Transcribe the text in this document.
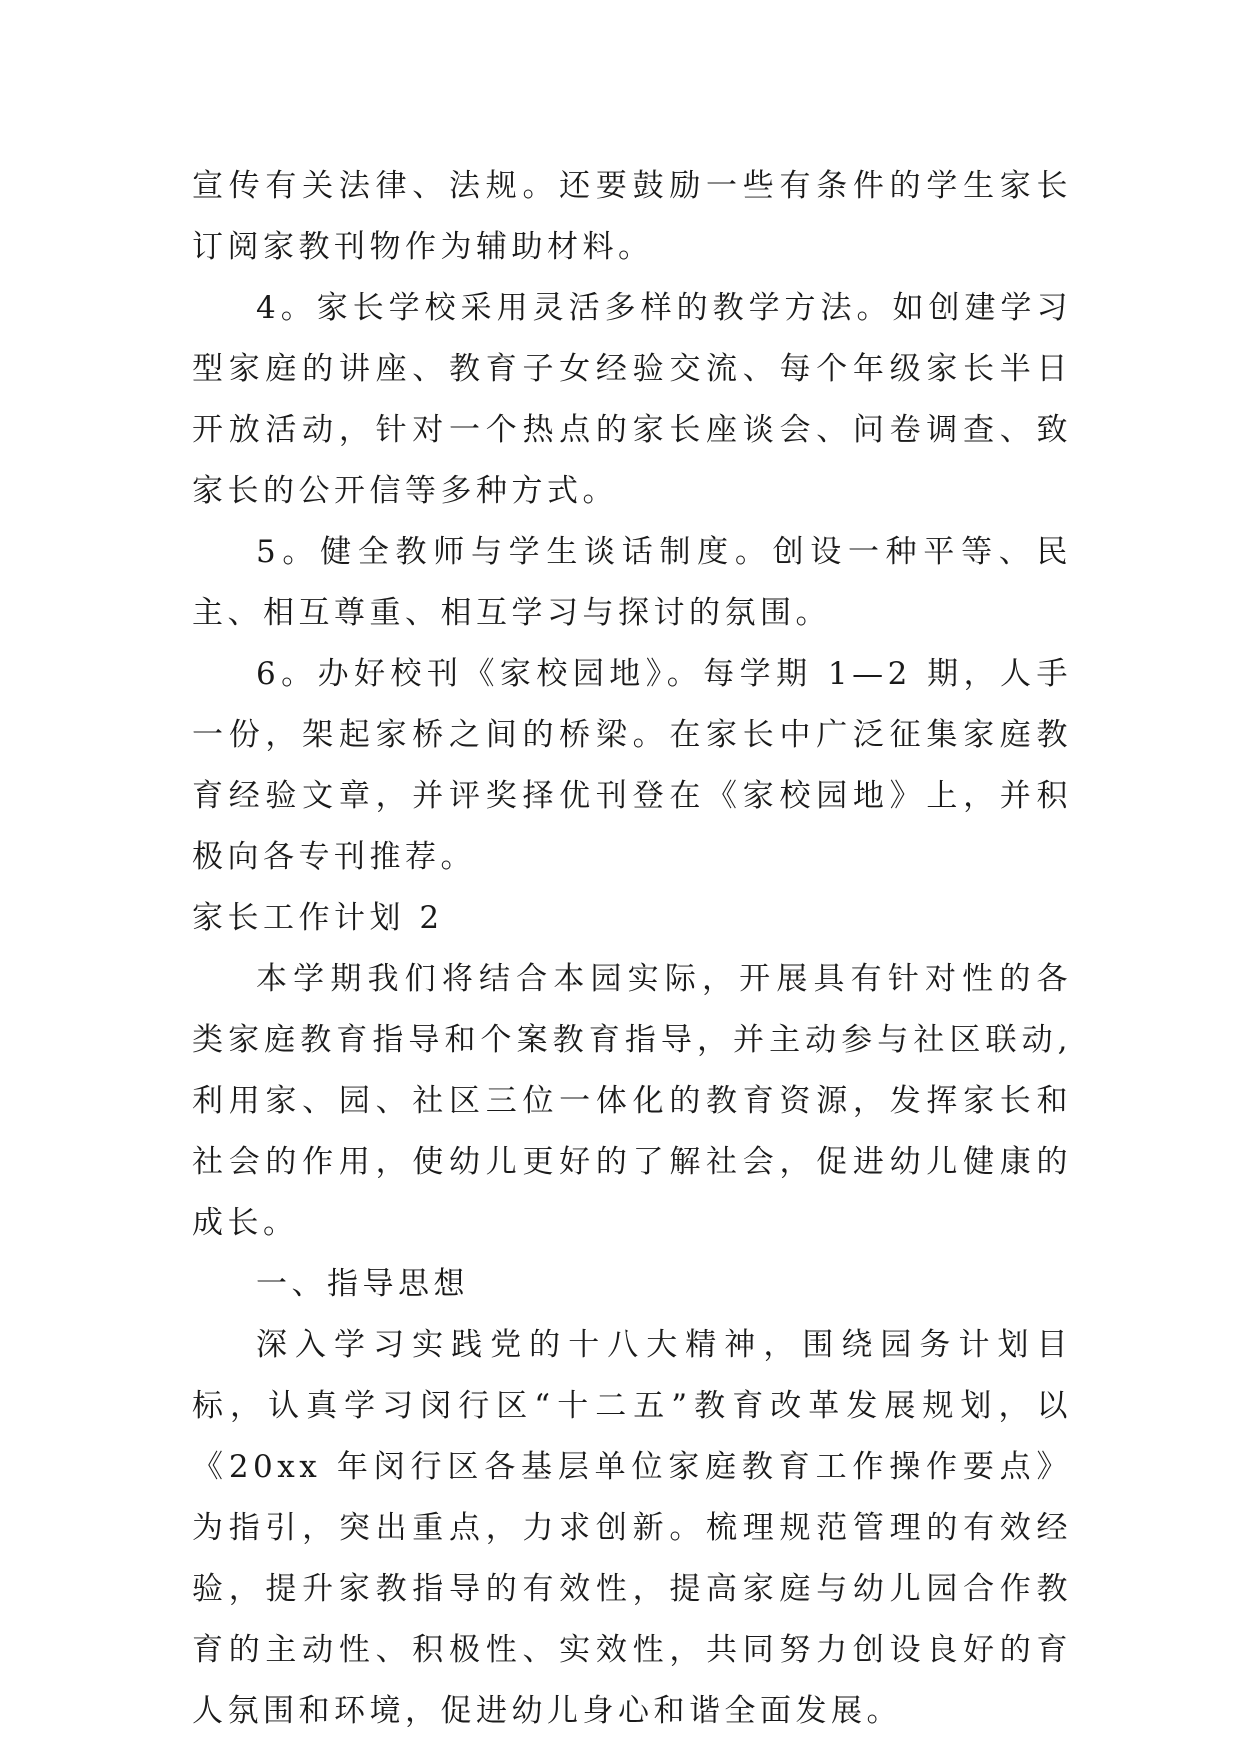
宣传有关法律、法规。还要鼓励一些有条件的学生家长订阅家教刊物作为辅助材料。

4。家长学校采用灵活多样的教学方法。如创建学习型家庭的讲座、教育子女经验交流、每个年级家长半日开放活动，针对一个热点的家长座谈会、问卷调查、致家长的公开信等多种方式。

5。健全教师与学生谈话制度。创设一种平等、民主、相互尊重、相互学习与探讨的氛围。

6。办好校刊《家校园地》。每学期 1—2 期，人手一份，架起家桥之间的桥梁。在家长中广泛征集家庭教育经验文章，并评奖择优刊登在《家校园地》上，并积极向各专刊推荐。

家长工作计划 2

本学期我们将结合本园实际，开展具有针对性的各类家庭教育指导和个案教育指导，并主动参与社区联动,利用家、园、社区三位一体化的教育资源，发挥家长和社会的作用，使幼儿更好的了解社会，促进幼儿健康的成长。

一、指导思想

深入学习实践党的十八大精神，围绕园务计划目标，认真学习闵行区“十二五”教育改革发展规划，以《20xx 年闵行区各基层单位家庭教育工作操作要点》为指引，突出重点，力求创新。梳理规范管理的有效经验，提升家教指导的有效性，提高家庭与幼儿园合作教育的主动性、积极性、实效性，共同努力创设良好的育人氛围和环境，促进幼儿身心和谐全面发展。
